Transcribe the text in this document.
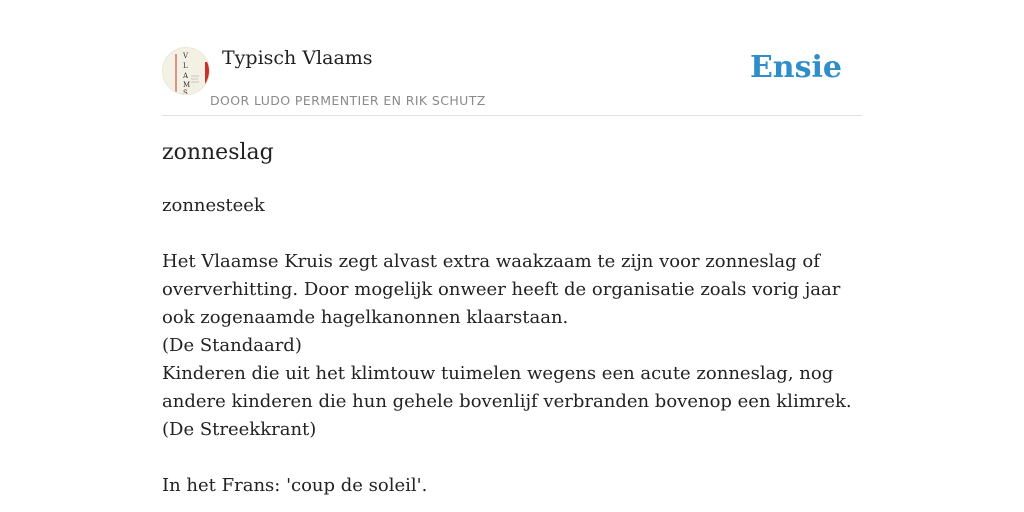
V
L
A
M
S
Typisch Vlaams
DOOR LUDO PERMENTIER EN RIK SCHUTZ
Ensie
zonneslag

zonnesteek

Het Vlaamse Kruis zegt alvast extra waakzaam te zijn voor zonneslag of oververhitting. Door mogelijk onweer heeft de organisatie zoals vorig jaar ook zogenaamde hagelkanonnen klaarstaan.

(De Standaard)

Kinderen die uit het klimtouw tuimelen wegens een acute zonneslag, nog andere kinderen die hun gehele bovenlijf verbranden bovenop een klimrek.

(De Streekkrant)

In het Frans: 'coup de soleil'.
